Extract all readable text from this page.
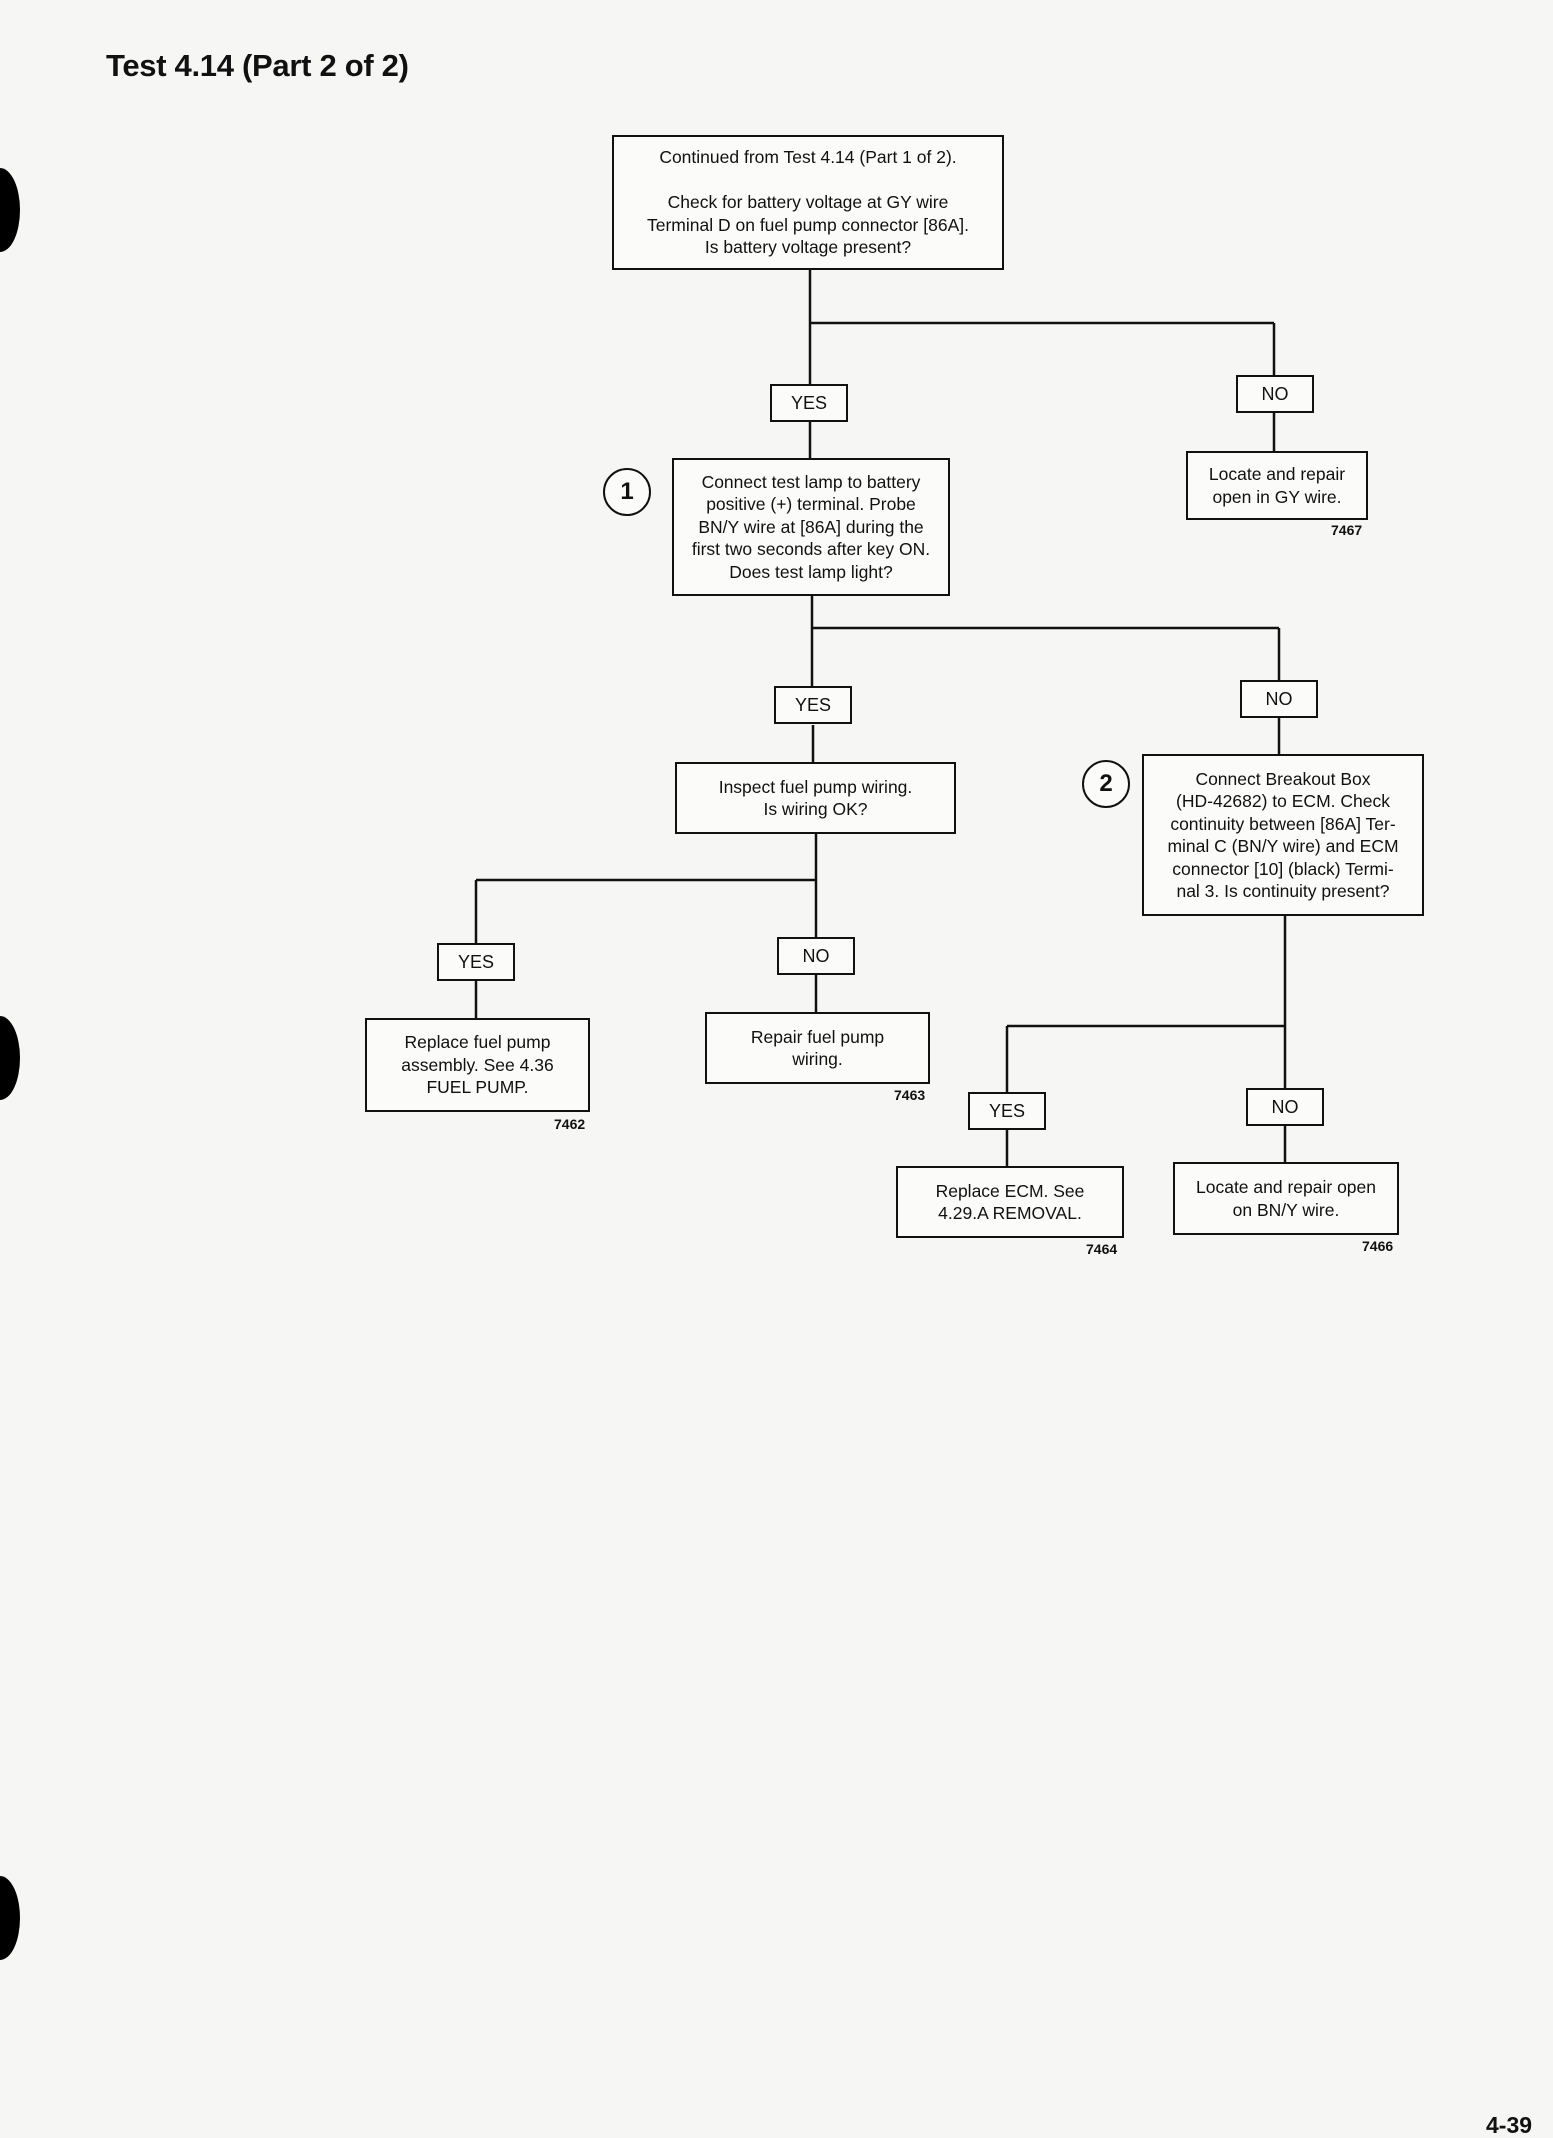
Test 4.14 (Part 2 of 2)
Continued from Test 4.14 (Part 1 of 2).

Check for battery voltage at GY wire
Terminal D on fuel pump connector [86A].
Is battery voltage present?
YES	NO
1	Connect test lamp to battery
positive (+) terminal. Probe
BN/Y wire at [86A] during the
first two seconds after key ON.
Does test lamp light?
Locate and repair
open in GY wire.
7467
YES	NO
Inspect fuel pump wiring.
Is wiring OK?
2	Connect Breakout Box
(HD-42682) to ECM. Check
continuity between [86A] Ter-
minal C (BN/Y wire) and ECM
connector [10] (black) Termi-
nal 3. Is continuity present?
YES	NO
Replace fuel pump
assembly. See 4.36
FUEL PUMP.
7462
Repair fuel pump
wiring.
7463
YES	NO
Replace ECM. See
4.29.A REMOVAL.
7464
Locate and repair open
on BN/Y wire.
7466
4-39
